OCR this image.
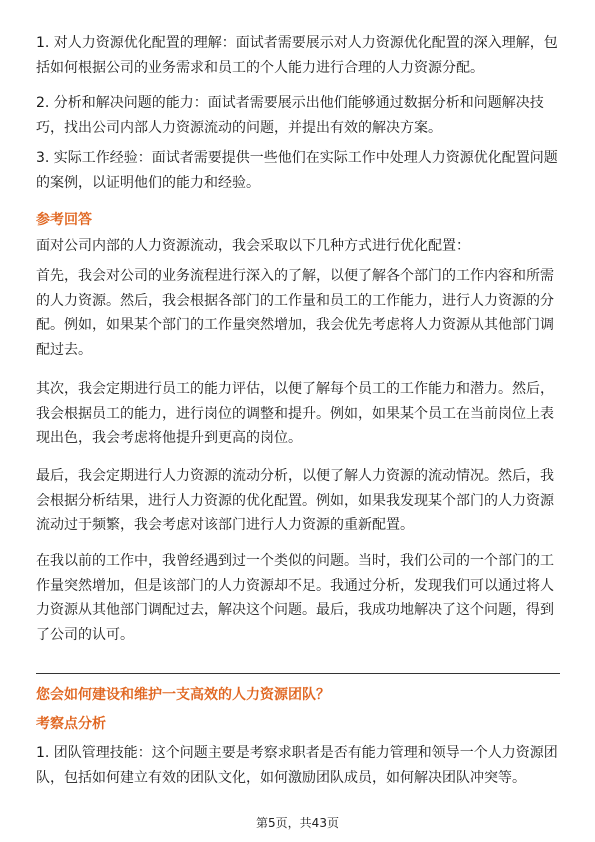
1. 对人力资源优化配置的理解：面试者需要展示对人力资源优化配置的深入理解，包括如何根据公司的业务需求和员工的个人能力进行合理的人力资源分配。

2. 分析和解决问题的能力：面试者需要展示出他们能够通过数据分析和问题解决技巧，找出公司内部人力资源流动的问题，并提出有效的解决方案。

3. 实际工作经验：面试者需要提供一些他们在实际工作中处理人力资源优化配置问题的案例，以证明他们的能力和经验。

参考回答

面对公司内部的人力资源流动，我会采取以下几种方式进行优化配置：

首先，我会对公司的业务流程进行深入的了解，以便了解各个部门的工作内容和所需的人力资源。然后，我会根据各部门的工作量和员工的工作能力，进行人力资源的分配。例如，如果某个部门的工作量突然增加，我会优先考虑将人力资源从其他部门调配过去。

其次，我会定期进行员工的能力评估，以便了解每个员工的工作能力和潜力。然后，我会根据员工的能力，进行岗位的调整和提升。例如，如果某个员工在当前岗位上表现出色，我会考虑将他提升到更高的岗位。

最后，我会定期进行人力资源的流动分析，以便了解人力资源的流动情况。然后，我会根据分析结果，进行人力资源的优化配置。例如，如果我发现某个部门的人力资源流动过于频繁，我会考虑对该部门进行人力资源的重新配置。

在我以前的工作中，我曾经遇到过一个类似的问题。当时，我们公司的一个部门的工作量突然增加，但是该部门的人力资源却不足。我通过分析，发现我们可以通过将人力资源从其他部门调配过去，解决这个问题。最后，我成功地解决了这个问题，得到了公司的认可。

您会如何建设和维护一支高效的人力资源团队？
考察点分析

1. 团队管理技能：这个问题主要是考察求职者是否有能力管理和领导一个人力资源团队，包括如何建立有效的团队文化，如何激励团队成员，如何解决团队冲突等。

第5页，共43页
